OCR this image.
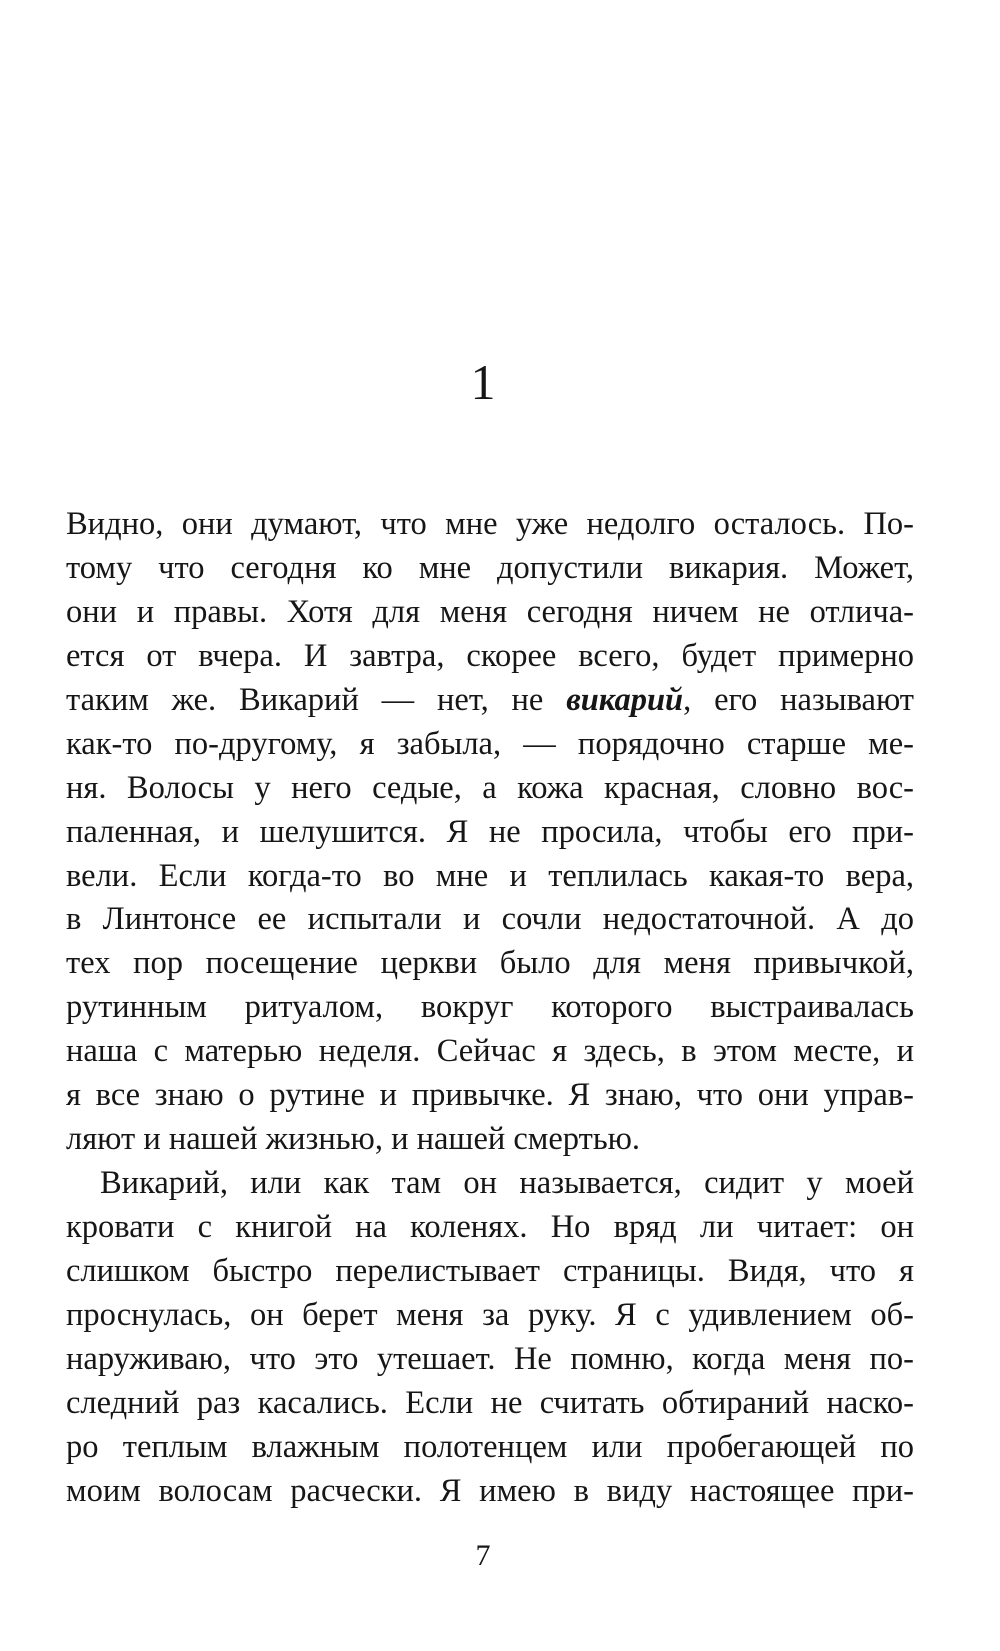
1
Видно, они думают, что мне уже недолго осталось. По-
тому что сегодня ко мне допустили викария. Может,
они и правы. Хотя для меня сегодня ничем не отлича-
ется от вчера. И завтра, скорее всего, будет примерно
таким же. Викарий — нет, не викарий, его называют
как-то по-другому, я забыла, — порядочно старше ме-
ня. Волосы у него седые, а кожа красная, словно вос-
паленная, и шелушится. Я не просила, чтобы его при-
вели. Если когда-то во мне и теплилась какая-то вера,
в Линтонсе ее испытали и сочли недостаточной. А до
тех пор посещение церкви было для меня привычкой,
рутинным ритуалом, вокруг которого выстраивалась
наша с матерью неделя. Сейчас я здесь, в этом месте, и
я все знаю о рутине и привычке. Я знаю, что они управ-
ляют и нашей жизнью, и нашей смертью.
Викарий, или как там он называется, сидит у моей
кровати с книгой на коленях. Но вряд ли читает: он
слишком быстро перелистывает страницы. Видя, что я
проснулась, он берет меня за руку. Я с удивлением об-
наруживаю, что это утешает. Не помню, когда меня по-
следний раз касались. Если не считать обтираний наско-
ро теплым влажным полотенцем или пробегающей по
моим волосам расчески. Я имею в виду настоящее при-
7
